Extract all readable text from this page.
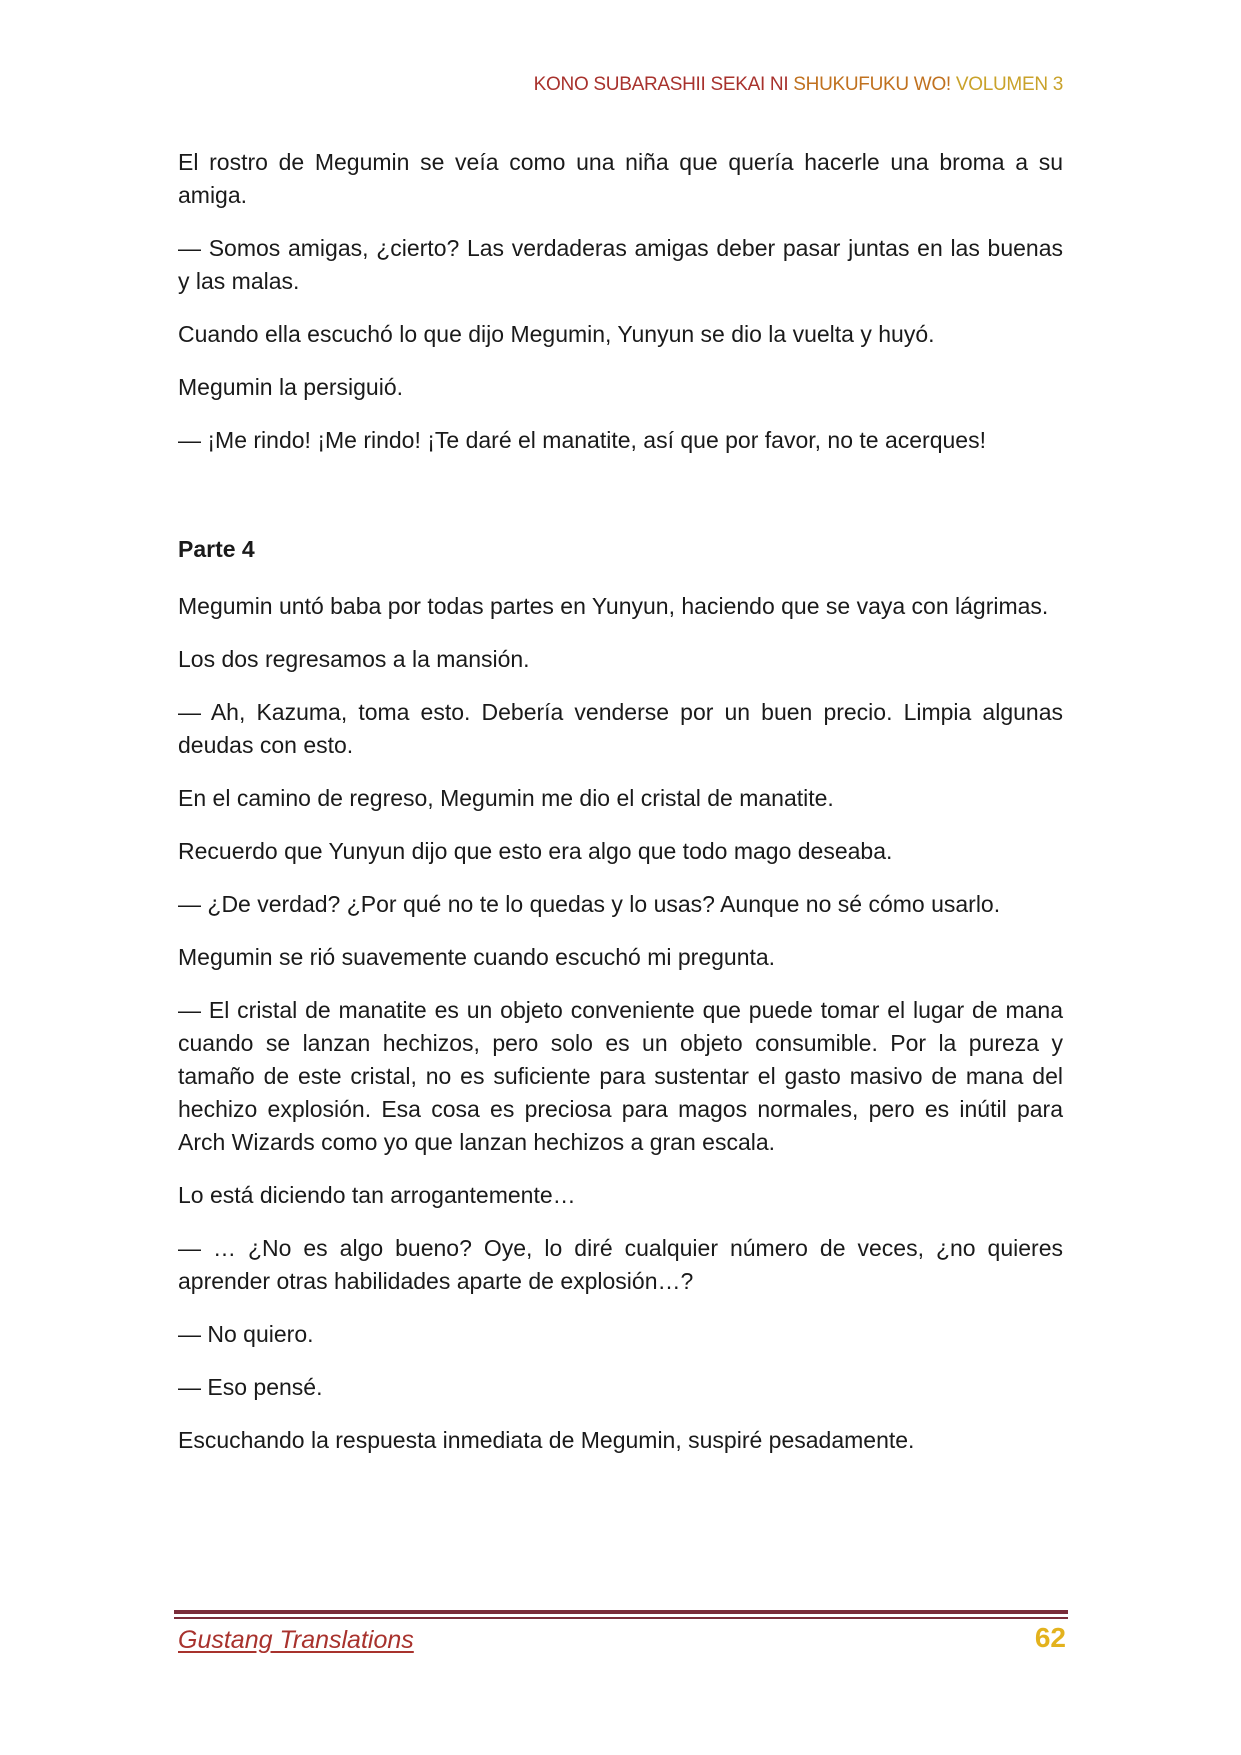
KONO SUBARASHII SEKAI NI SHUKUFUKU WO! VOLUMEN 3

El rostro de Megumin se veía como una niña que quería hacerle una broma a su amiga.

— Somos amigas, ¿cierto? Las verdaderas amigas deber pasar juntas en las buenas y las malas.

Cuando ella escuchó lo que dijo Megumin, Yunyun se dio la vuelta y huyó.

Megumin la persiguió.

— ¡Me rindo! ¡Me rindo! ¡Te daré el manatite, así que por favor, no te acerques!

Parte 4

Megumin untó baba por todas partes en Yunyun, haciendo que se vaya con lágrimas.

Los dos regresamos a la mansión.

— Ah, Kazuma, toma esto. Debería venderse por un buen precio. Limpia algunas deudas con esto.

En el camino de regreso, Megumin me dio el cristal de manatite.

Recuerdo que Yunyun dijo que esto era algo que todo mago deseaba.

— ¿De verdad? ¿Por qué no te lo quedas y lo usas? Aunque no sé cómo usarlo.

Megumin se rió suavemente cuando escuchó mi pregunta.

— El cristal de manatite es un objeto conveniente que puede tomar el lugar de mana cuando se lanzan hechizos, pero solo es un objeto consumible. Por la pureza y tamaño de este cristal, no es suficiente para sustentar el gasto masivo de mana del hechizo explosión. Esa cosa es preciosa para magos normales, pero es inútil para Arch Wizards como yo que lanzan hechizos a gran escala.

Lo está diciendo tan arrogantemente…

— … ¿No es algo bueno? Oye, lo diré cualquier número de veces, ¿no quieres aprender otras habilidades aparte de explosión…?

— No quiero.

— Eso pensé.

Escuchando la respuesta inmediata de Megumin, suspiré pesadamente.

Gustang Translations	62
